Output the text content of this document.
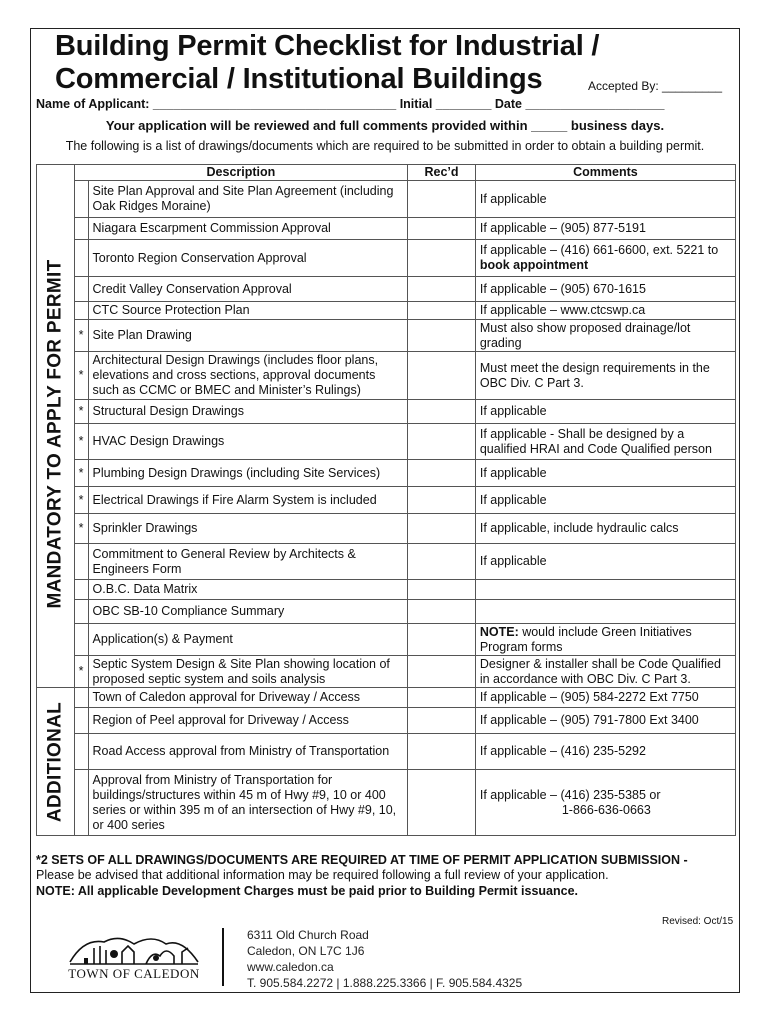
Building Permit Checklist for Industrial /
Commercial / Institutional Buildings	Accepted By: _________
Name of Applicant: ___________________________________ Initial ________ Date ____________________
Your application will be reviewed and full comments provided within _____ business days.
The following is a list of drawings/documents which are required to be submitted in order to obtain a building permit.
	Description		Rec’d	Comments

MANDATORY TO APPLY FOR PERMIT		Site Plan Approval and Site Plan Agreement (including Oak Ridges Moraine)		If applicable
		Niagara Escarpment Commission Approval		If applicable – (905) 877-5191
		Toronto Region Conservation Approval		If applicable – (416) 661-6600, ext. 5221 to
book appointment
		Credit Valley Conservation Approval		If applicable – (905) 670-1615
		CTC Source Protection Plan		If applicable – www.ctcswp.ca
	*	Site Plan Drawing		Must also show proposed drainage/lot grading
	*	Architectural Design Drawings (includes floor plans, elevations and cross sections, approval documents such as CCMC or BMEC and Minister’s Rulings)		Must meet the design requirements in the OBC Div. C Part 3.
	*	Structural Design Drawings		If applicable
	*	HVAC Design Drawings		If applicable - Shall be designed by a qualified HRAI and Code Qualified person
	*	Plumbing Design Drawings (including Site Services)		If applicable
	*	Electrical Drawings if Fire Alarm System is included		If applicable
	*	Sprinkler Drawings		If applicable, include hydraulic calcs
		Commitment to General Review by Architects & Engineers Form		If applicable
		O.B.C. Data Matrix		
		OBC SB-10 Compliance Summary		
		Application(s) & Payment		NOTE: would include Green Initiatives Program forms
	*	Septic System Design & Site Plan showing location of proposed septic system and soils analysis		Designer & installer shall be Code Qualified in accordance with OBC Div. C Part 3.

ADDITIONAL		Town of Caledon approval for Driveway / Access		If applicable – (905) 584-2272 Ext 7750
		Region of Peel approval for Driveway / Access		If applicable – (905) 791-7800 Ext 3400
		Road Access approval from Ministry of Transportation		If applicable – (416) 235-5292
		Approval from Ministry of Transportation for buildings/structures within 45 m of Hwy #9, 10 or 400 series or within 395 m of an intersection of Hwy #9, 10, or 400 series		If applicable – (416) 235-5385 or
1-866-636-0663
*2 SETS OF ALL DRAWINGS/DOCUMENTS ARE REQUIRED AT TIME OF PERMIT APPLICATION SUBMISSION -
Please be advised that additional information may be required following a full review of your application.
NOTE: All applicable Development Charges must be paid prior to Building Permit issuance.
Revised: Oct/15
TOWN OF CALEDON
6311 Old Church Road
Caledon, ON L7C 1J6
www.caledon.ca
T. 905.584.2272 | 1.888.225.3366 | F. 905.584.4325
